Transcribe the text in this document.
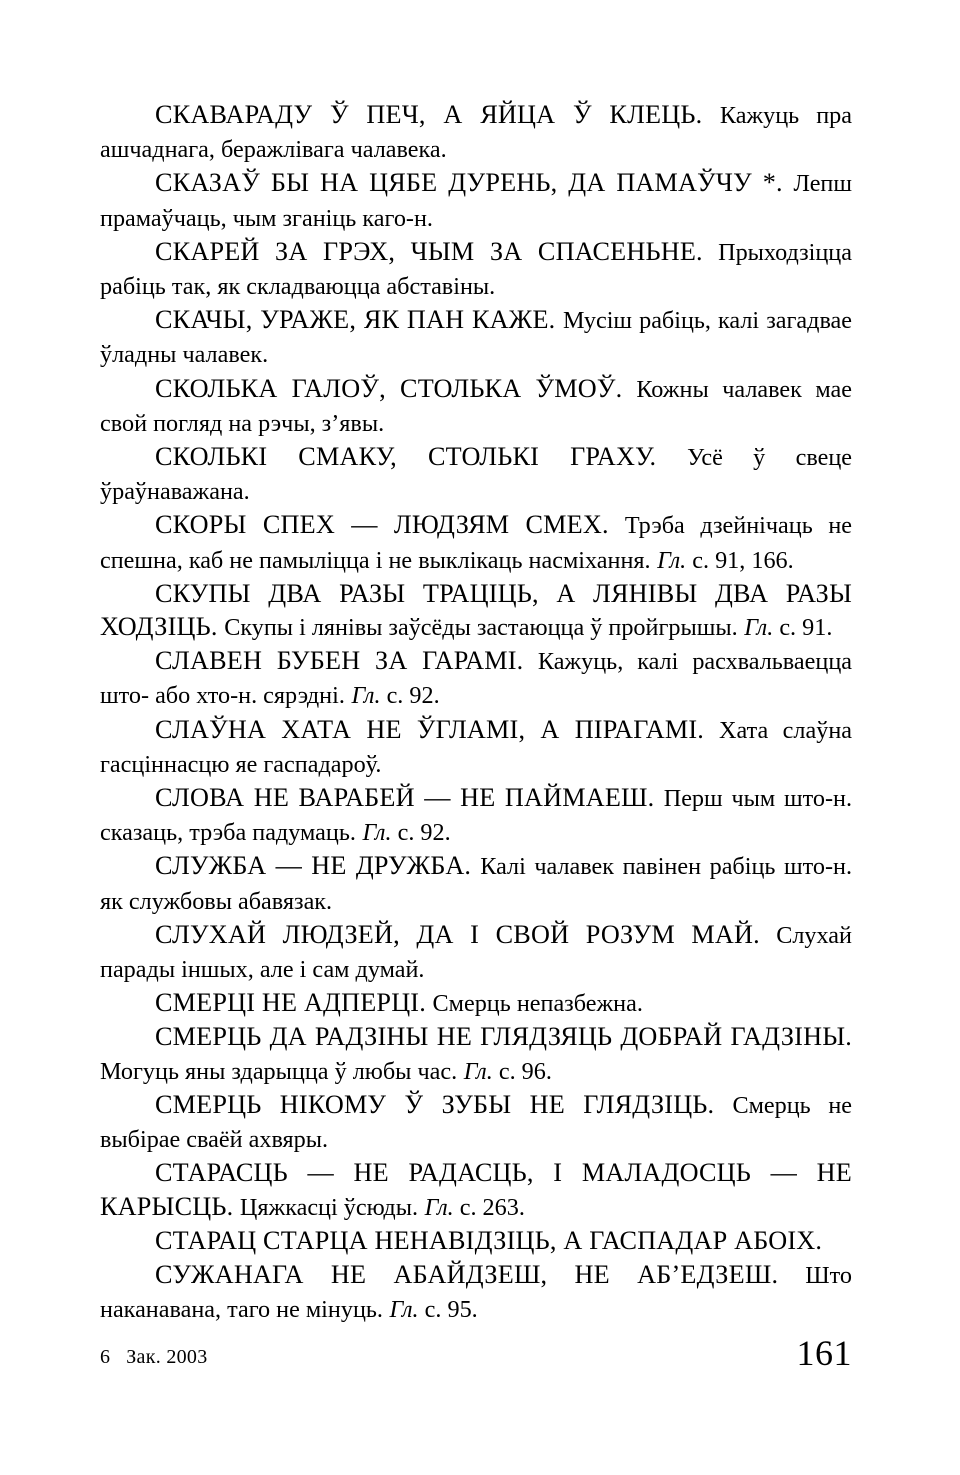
СКАВАРАДУ Ў ПЕЧ, А ЯЙЦА Ў КЛЕЦЬ. Кажуць пра ашчаднага, беражлівага чалавека.

СКАЗАЎ БЫ НА ЦЯБЕ ДУРЕНЬ, ДА ПАМАЎЧУ *. Лепш прамаўчаць, чым зганіць каго-н.

СКАРЕЙ ЗА ГРЭХ, ЧЫМ ЗА СПАСЕНЬНЕ. Прыходзіцца рабіць так, як складваюцца абставіны.

СКАЧЫ, УРАЖЕ, ЯК ПАН КАЖЕ. Мусіш рабіць, калі загадвае ўладны чалавек.

СКОЛЬКА ГАЛОЎ, СТОЛЬКА ЎМОЎ. Кожны чалавек мае свой погляд на рэчы, з’явы.

СКОЛЬКІ СМАКУ, СТОЛЬКІ ГРАХУ. Усё ў свеце ўраўнаважана.

СКОРЫ СПЕХ — ЛЮДЗЯМ СМЕХ. Трэба дзейнічаць не спешна, каб не памыліцца і не выклікаць насміхання. Гл. с. 91, 166.

СКУПЫ ДВА РАЗЫ ТРАЦІЦЬ, А ЛЯНІВЫ ДВА РАЗЫ ХОДЗІЦЬ. Скупы і лянівы заўсёды застаюцца ў пройгрышы. Гл. с. 91.

СЛАВЕН БУБЕН ЗА ГАРАМІ. Кажуць, калі расхвальваецца што- або хто-н. сярэдні. Гл. с. 92.

СЛАЎНА ХАТА НЕ ЎГЛАМІ, А ПІРАГАМІ. Хата слаўна гасціннасцю яе гаспадароў.

СЛОВА НЕ ВАРАБЕЙ — НЕ ПАЙМАЕШ. Перш чым што-н. сказаць, трэба падумаць. Гл. с. 92.

СЛУЖБА — НЕ ДРУЖБА. Калі чалавек павінен рабіць што-н. як службовы абавязак.

СЛУХАЙ ЛЮДЗЕЙ, ДА І СВОЙ РОЗУМ МАЙ. Слухай парады іншых, але і сам думай.

СМЕРЦІ НЕ АДПЕРЦІ. Смерць непазбежна.

СМЕРЦЬ ДА РАДЗІНЫ НЕ ГЛЯДЗЯЦЬ ДОБРАЙ ГАДЗІНЫ. Могуць яны здарыцца ў любы час. Гл. с. 96.

СМЕРЦЬ НІКОМУ Ў ЗУБЫ НЕ ГЛЯДЗІЦЬ. Смерць не выбірае сваёй ахвяры.

СТАРАСЦЬ — НЕ РАДАСЦЬ, І МАЛАДОСЦЬ — НЕ КАРЫСЦЬ. Цяжкасці ўсюды. Гл. с. 263.

СТАРАЦ СТАРЦА НЕНАВІДЗІЦЬ, А ГАСПАДАР АБОІХ.

СУЖАНАГА НЕ АБАЙДЗЕШ, НЕ АБ’ЕДЗЕШ. Што наканавана, таго не мінуць. Гл. с. 95.

6   Зак. 2003	161
